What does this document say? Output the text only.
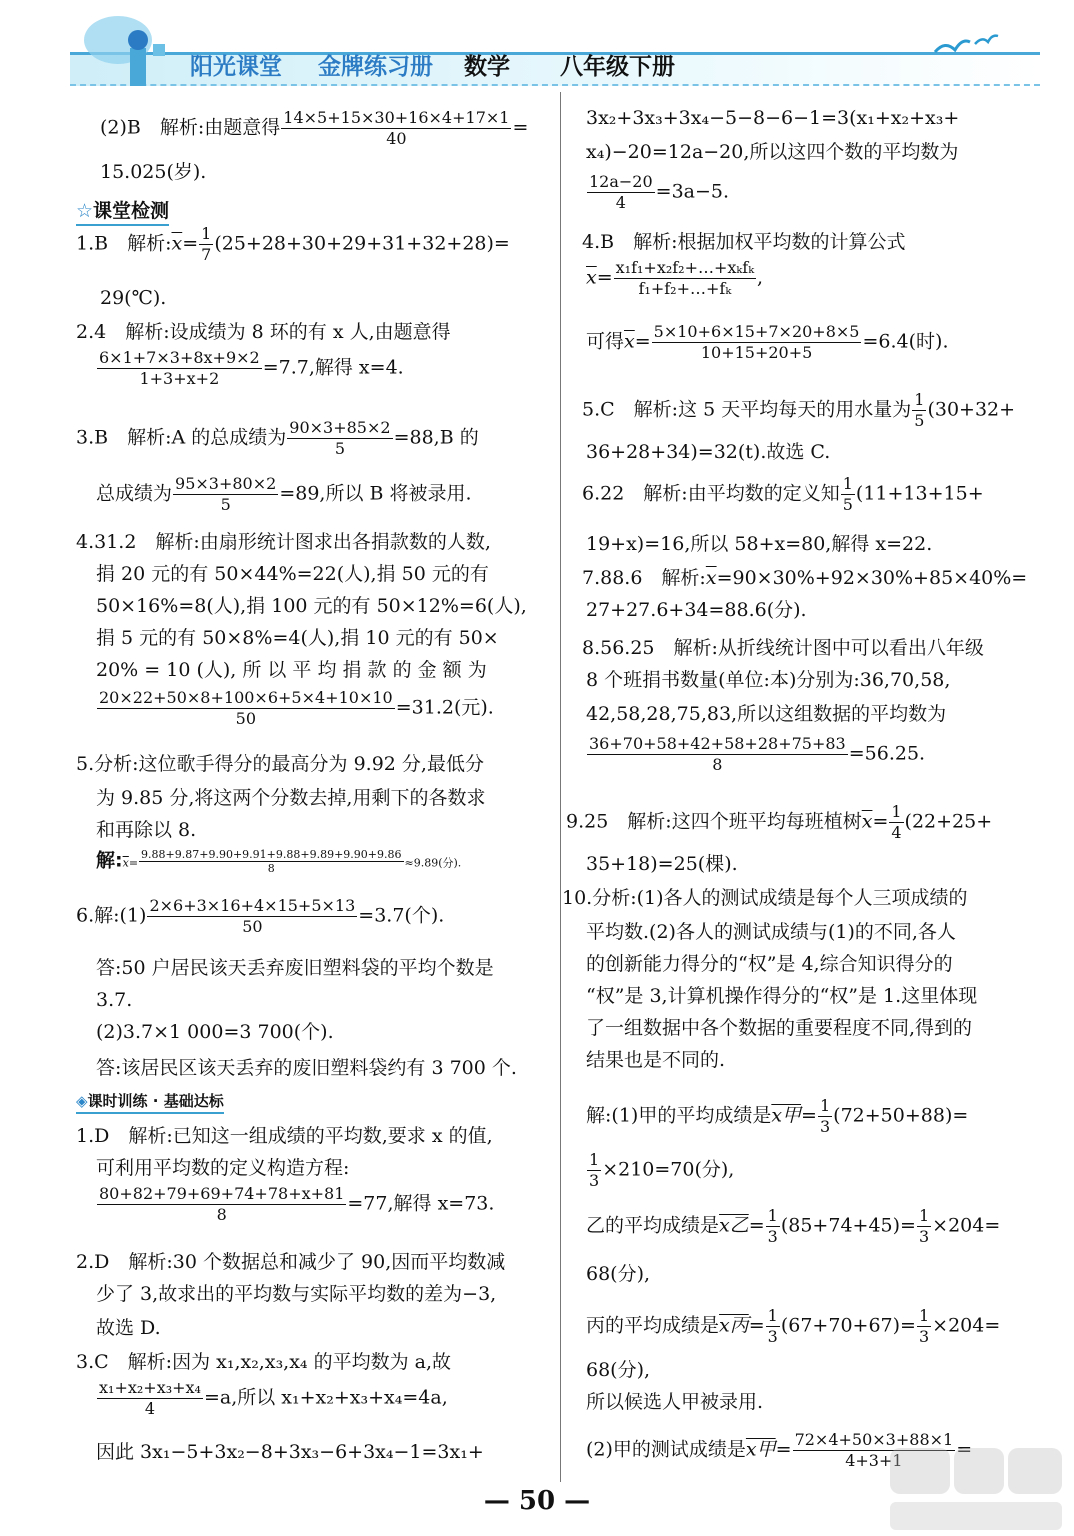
阳光课堂 金牌练习册 数学 八年级下册
(2)B　解析:由题意得 $\frac{14\times 5+15\times 30+16\times 4+17\times 1}{40}$ =
15.025(岁).
☆课堂检测
1.B　解析$:\overline{x}= \frac{1}{7} (25+28+30+29+31+32+28)=$
29(℃).
2.4　解析:设成绩为 8 环的有 x 人,由题意得
$\frac{6\times 1+7\times 3+8x+9\times 2}{1+3+x+2} =7.7$,解得 x=4.
3.B　解析:A 的总成绩为 $\frac{90\times 3+85\times 2}{5} =88,B$ 的
总成绩为 $\frac{95\times 3+80\times 2}{5} =89$,所以 B 将被录用.
4.31.2　解析:由扇形统计图求出各捐款数的人数,
捐 20 元的有 50×44%=22(人),捐 50 元的有
50×16%=8(人),捐 100 元的有 50×12%=6(人),
捐 5 元的有 50×8%=4(人),捐 10 元的有 50×
20% = 10 (人), 所 以 平 均 捐 款 的 金 额 为
$\frac{20\times 22+50\times 8+100\times 6+5\times 4+10\times 10}{50} =31.2$(元).
5.分析:这位歌手得分的最高分为 9.92 分,最低分
为 9.85 分,将这两个分数去掉,用剩下的各数求
和再除以 8.
解$:\overline{x}= \frac{9.88+9.87+9.90+9.91+9.88+9.89+9.90+9.86}{8} \approx 9.89$(分).
6.解:(1) $\frac{2\times 6+3\times 16+4\times 15+5\times 13}{50} =3.7$(个).
答:50 户居民该天丢弃废旧塑料袋的平均个数是
3.7.
(2)3.7×1 000=3 700(个).
答:该居民区该天丢弃的废旧塑料袋约有 3 700 个.
◈课时训练 · 基础达标
1.D　解析:已知这一组成绩的平均数,要求 x 的值,
可利用平均数的定义构造方程:
$\frac{80+82+79+69+74+78+x+81}{8} =77$,解得 x=73.
2.D　解析:30 个数据总和减少了 90,因而平均数减
少了 3,故求出的平均数与实际平均数的差为−3,
故选 D.
3.C　解析:因为 x₁,x₂,x₃,x₄ 的平均数为 a,故
$\frac{\text{x₁+x₂+x₃+x₄}}{4} =a$,所以 x₁+x₂+x₃+x₄=4a,
因此 3x₁−5+3x₂−8+3x₃−6+3x₄−1=3x₁+
3x₂+3x₃+3x₄−5−8−6−1=3(x₁+x₂+x₃+
x₄)−20=12a−20,所以这四个数的平均数为
$\frac{12a-20}{4} =3a-5$.
4.B　解析:根据加权平均数的计算公式
$\overline{x}= \frac{\text{x₁f₁+x₂f₂+…+xₖfₖ}}{\text{f₁+f₂+…+fₖ}}$ ,
可得$\overline{x}= \frac{5\times 10+6\times 15+7\times 20+8\times 5}{10+15+20+5} =6.4$(时).
5.C　解析:这 5 天平均每天的用水量为 $\frac{1}{5} (30+32+$
36+28+34)=32(t).故选 C.
6.22　解析:由平均数的定义知 $\frac{1}{5} (11+13+15+$
19+x)=16,所以 58+x=80,解得 x=22.
7.88.6　解析$:\overline{x}=90\times 30\%+92\times 30\%+85\times 40\%=$
27+27.6+34=88.6(分).
8.56.25　解析:从折线统计图中可以看出八年级
8 个班捐书数量(单位:本)分别为:36,70,58,
42,58,28,75,83,所以这组数据的平均数为
$\frac{36+70+58+42+58+28+75+83}{8} =56.25$.
9.25　解析:这四个班平均每班植树$\overline{x}= \frac{1}{4} (22+25+$
35+18)=25(棵).
10.分析:(1)各人的测试成绩是每个人三项成绩的
平均数.(2)各人的测试成绩与(1)的不同,各人
的创新能力得分的“权”是 4,综合知识得分的
“权”是 3,计算机操作得分的“权”是 1.这里体现
了一组数据中各个数据的重要程度不同,得到的
结果也是不同的.
解:(1)甲的平均成绩是x甲= $\frac{1}{3} (72+50+88)=$
$\frac{1}{3} \times 210=70$(分),
乙的平均成绩是x乙= $\frac{1}{3} (85+74+45)= \frac{1}{3} \times 204=$
68(分),
丙的平均成绩是x丙= $\frac{1}{3} (67+70+67)= \frac{1}{3} \times 204=$
68(分),
所以候选人甲被录用.
(2)甲的测试成绩是x甲= $\frac{72\times 4+50\times 3+88\times 1}{4+3+1}$ =
— 50 —
